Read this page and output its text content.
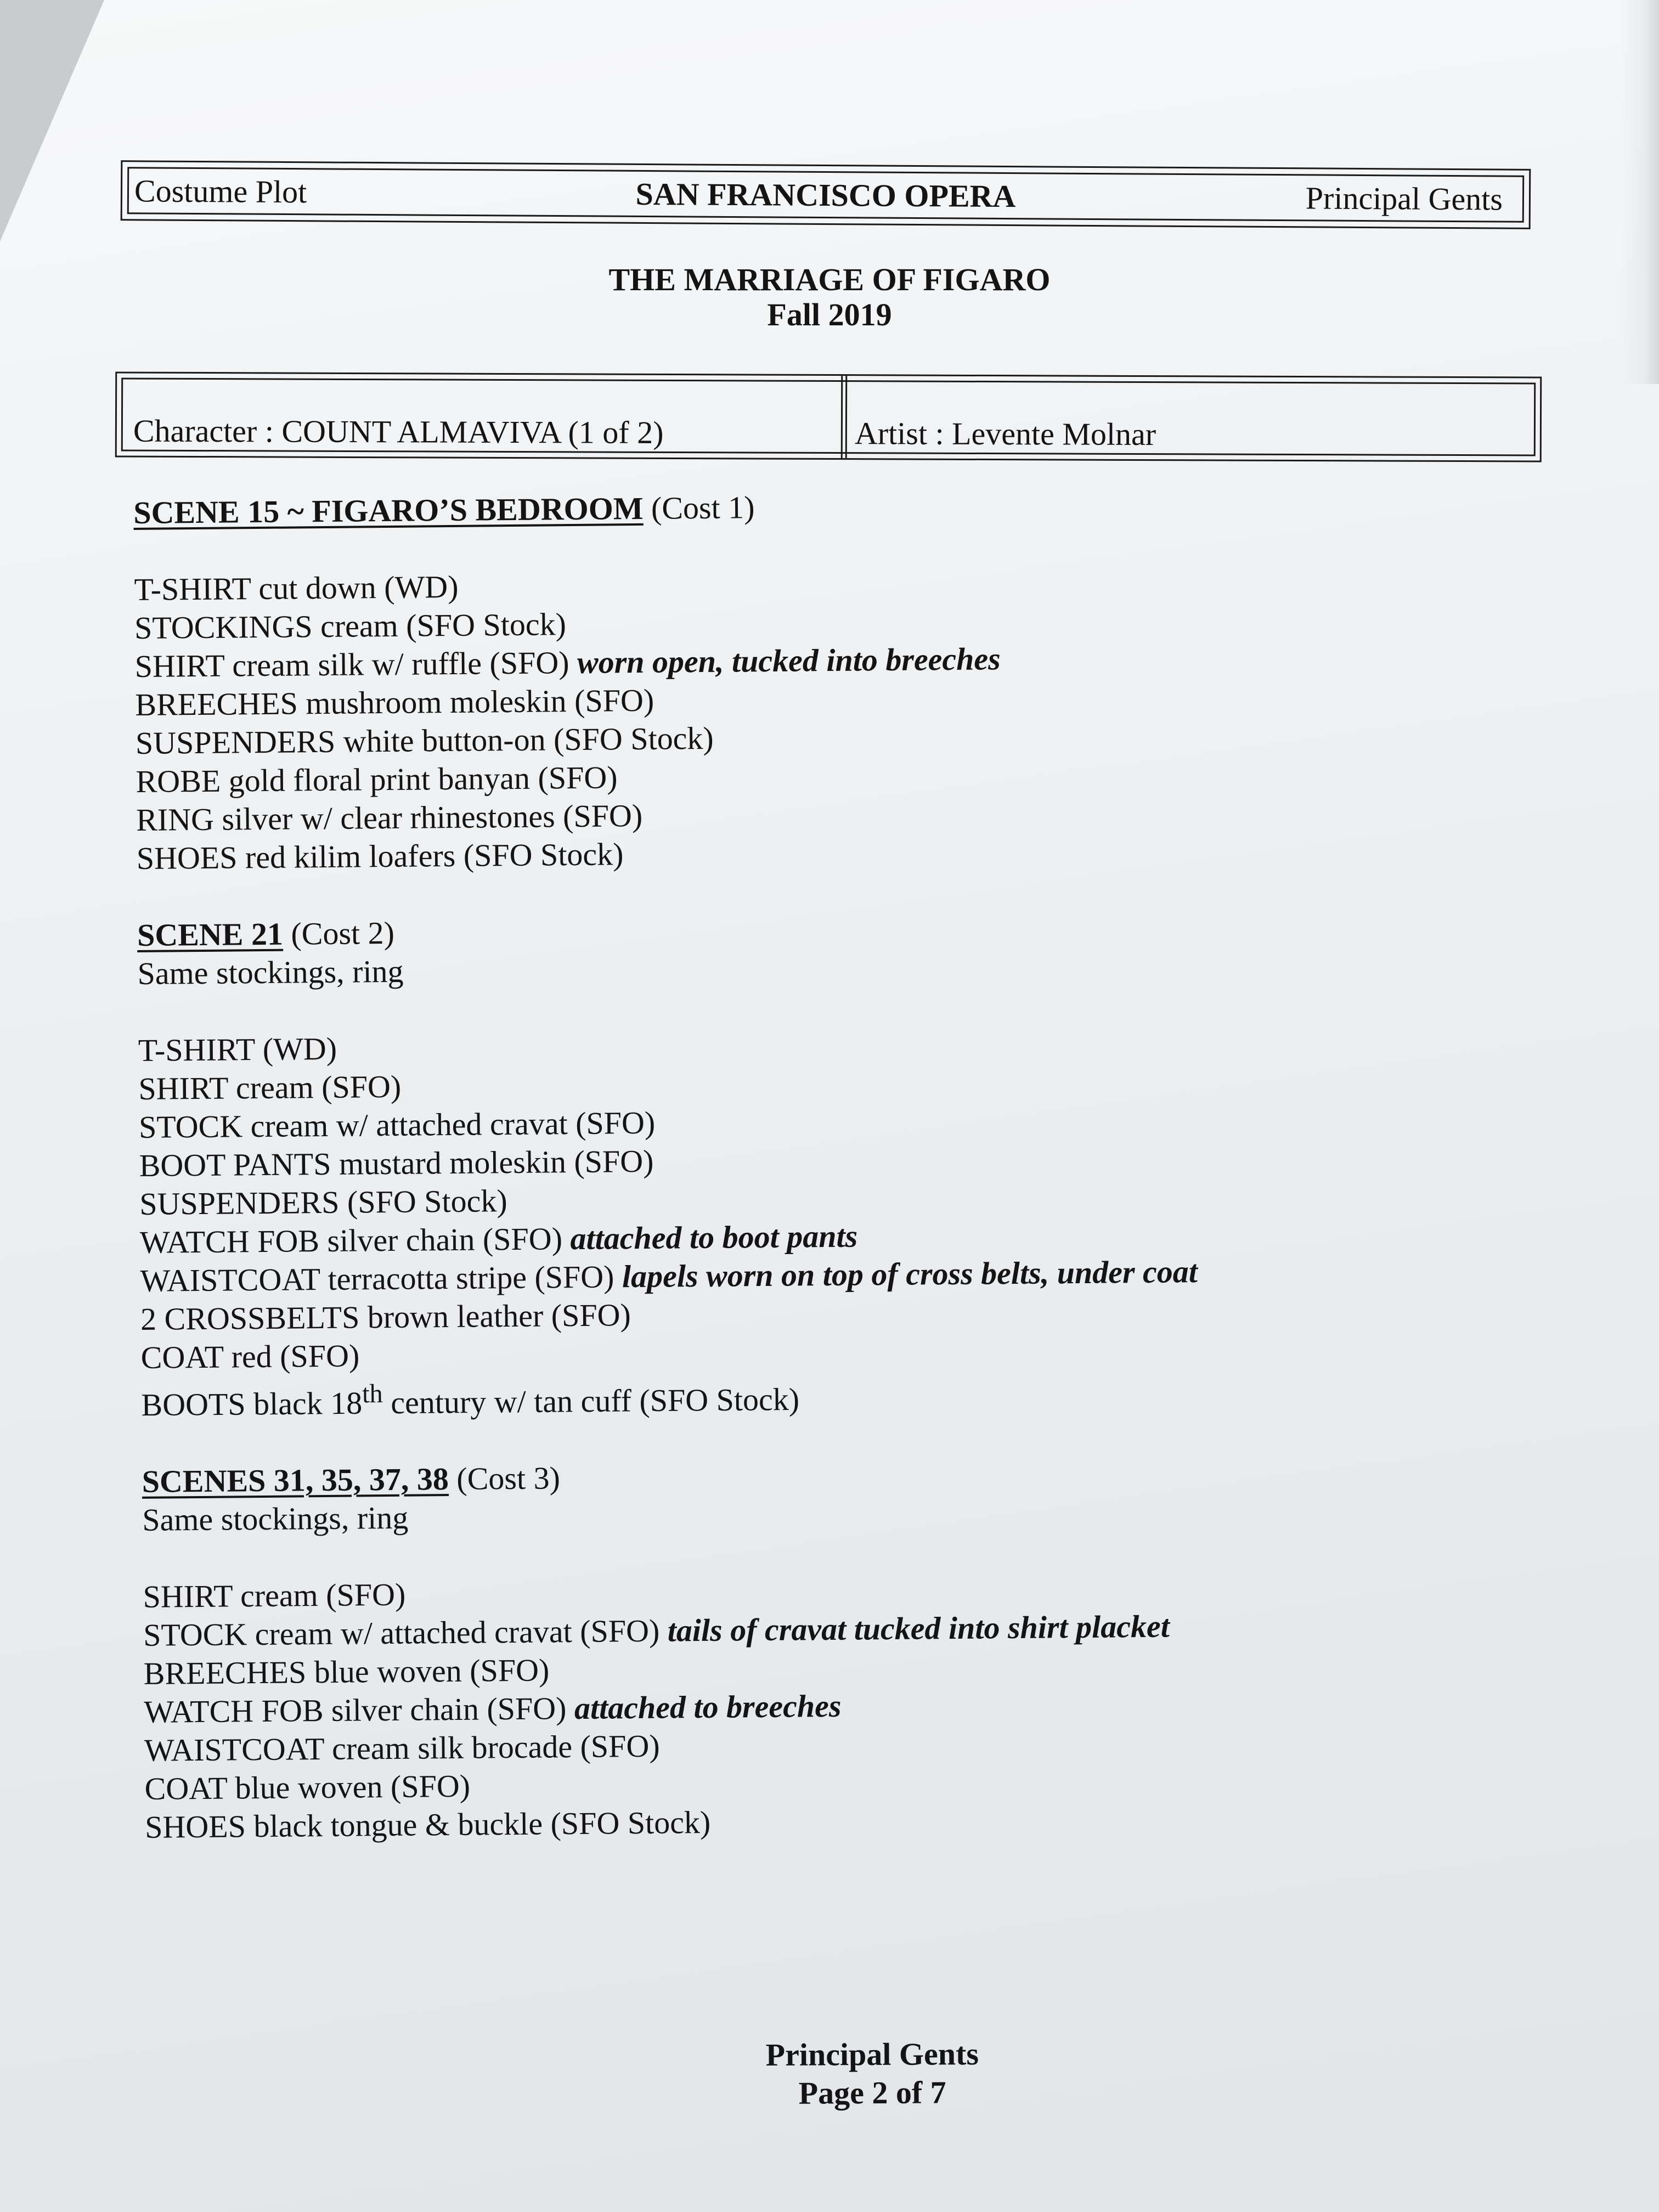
Costume Plot	SAN FRANCISCO OPERA	Principal Gents
THE MARRIAGE OF FIGARO
Fall 2019
Character : COUNT ALMAVIVA (1 of 2)	Artist : Levente Molnar
SCENE 15 ~ FIGARO’S BEDROOM (Cost 1)
T-SHIRT cut down (WD)
STOCKINGS cream (SFO Stock)
SHIRT cream silk w/ ruffle (SFO) worn open, tucked into breeches
BREECHES mushroom moleskin (SFO)
SUSPENDERS white button-on (SFO Stock)
ROBE gold floral print banyan (SFO)
RING silver w/ clear rhinestones (SFO)
SHOES red kilim loafers (SFO Stock)
SCENE 21 (Cost 2)
Same stockings, ring
T-SHIRT (WD)
SHIRT cream (SFO)
STOCK cream w/ attached cravat (SFO)
BOOT PANTS mustard moleskin (SFO)
SUSPENDERS (SFO Stock)
WATCH FOB silver chain (SFO) attached to boot pants
WAISTCOAT terracotta stripe (SFO) lapels worn on top of cross belts, under coat
2 CROSSBELTS brown leather (SFO)
COAT red (SFO)
BOOTS black 18th century w/ tan cuff (SFO Stock)
SCENES 31, 35, 37, 38 (Cost 3)
Same stockings, ring
SHIRT cream (SFO)
STOCK cream w/ attached cravat (SFO) tails of cravat tucked into shirt placket
BREECHES blue woven (SFO)
WATCH FOB silver chain (SFO) attached to breeches
WAISTCOAT cream silk brocade (SFO)
COAT blue woven (SFO)
SHOES black tongue & buckle (SFO Stock)
Principal Gents
Page 2 of 7
